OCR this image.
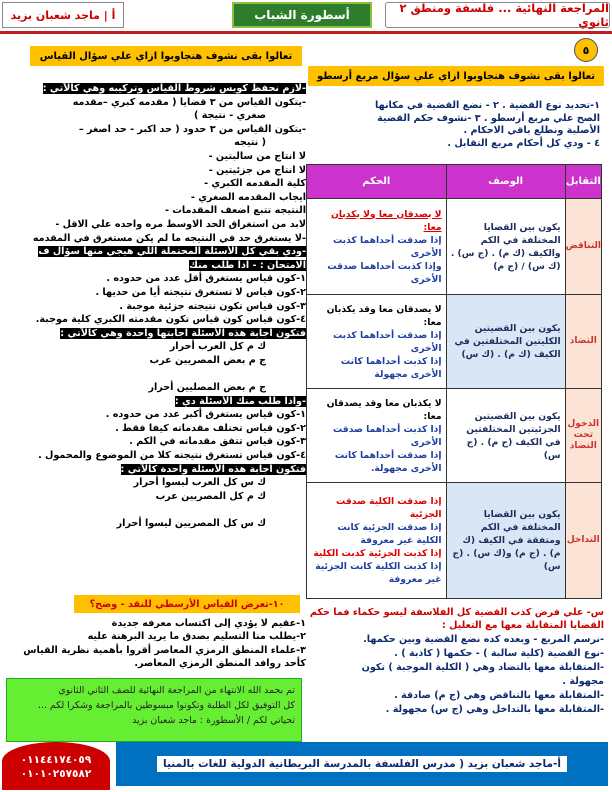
المراجعة النهائية ... فلسفة ومنطق ٢ ثانوي
أسطورة الشباب
أ | ماجد شعبان بزيد
٥
تعالوا بقى نشوف هنجاوبوا ازاي علي سؤال مربع أرسطو
١-تحديد نوع القضية . ٢ - نضع القضية في مكانها
الصح علي مربع أرسطو . ٣ -نشوف حكم القضية
الأصلية ونطلع باقي الاحكام .
٤ - ودي كل أحكام مربع التقابل .
التقابل	الوصف	الحكم
التناقض	يكون بين القضايا المختلفة في الكم والكيف (ك م) . (ج س) . (ك س) / (ج م)	لا يصدقان معا ولا يكذبان معا:
إذا صدقت أحداهما كذبت الأخرى
وإذا كذبت أحداهما صدقت الأخرى

التضاد	يكون بين القضيتين الكليتين المختلفتين في الكيف (ك م) . (ك س)	لا يصدقان معا وقد يكذبان معا:
إذا صدقت أحداهما كذبت الأخرى
إذا كذبت أحداهما كانت الأخرى مجهولة

الدخول تحت التضاد	يكون بين القضيتين الجزئيتين المختلفتين في الكيف (ج م) . (ج س)	لا يكذبان معا وقد يصدقان معا:
إذا كذبت أحداهما صدقت الأخرى
إذا صدقت أحداهما كانت الأخرى مجهولة.

التداخل	يكون بين القضايا المختلفة في الكم ومتفقة في الكيف (ك م) . (ج م) و(ك س) . (ج س)	إذا صدقت الكلية صدقت الجزئية
إذا صدقت الجزئية كانت الكلية غير معروفة
إذا كذبت الجزئية كذبت الكلية
إذا كذبت الكلية كانت الجزئية غير معروفة
س- علي فرض كذب القضية كل الفلاسفة ليسو حكماء فما حكم القضايا المتقابلة معها مع التعليل :
-نرسم المربع - وبعده كده نضع القضية وبين حكمها.
-نوع القضية (كلية سالبة ) - حكمها ( كاذبة ) .
-المتقابلة معها بالتضاد وهي ( الكلية الموجبة ) تكون
مجهولة .
-المتقابلة معها بالتناقض وهي (ج م) صادقة .
-المتقابلة معها بالتداخل وهي (ج س) مجهولة .
تعالوا بقى نشوف هنجاوبوا ازاي علي سؤال القياس
-لازم نحفظ كويس شروط القياس وتركيبه وهي كالآتي :
-يتكون القياس من ٣ قضايا ( مقدمه كبري –مقدمه
صغري - نتيجة )
-يتكون القياس من ٣ حدود ( حد اكبر - حد اصغر –
( نتيجه
لا انتاج من سالبتين -
لا انتاج من جزئيتين -
كلية المقدمه الكبري -
ايجاب المقدمه الصغري -
النتيجه تتبع اضعف المقدمات -
لابد من استغراق الحد الاوسط مره واحده علي الاقل -
-لا يستغرق حد في النتيجه ما لم يكن مستغرق في المقدمه
-ودي بقي كل الأسئلة المحتملة اللي هيجي منها سؤال ف
الامتحان : - اذا طلب منك
١-كون قياس يستغرق أقل عدد من حدوده .
٢-كون قياس لا تستغرق نتيجته أيا من حديها .
٣-كون قياس تكون نتيجته جزئية موجبة .
٤-كون قياس كون قياس تكون مقدمته الكبري كلية موجبة.
فتكون اجابة هذه الأسئلة اجابتها واحدة وهي كالآتي :
ك م كل العرب أحرار
ج م بعض المصريين عرب
ج م بعض المصليين أحرار
-واذا طلب منك الأسئلة دي :
١-كون قياس يستغرق أكبر عدد من حدوده .
٢-كون قياس تختلف مقدماته كيفا فقط .
٣-كون قياس تتفق مقدماته في الكم .
٤-كون قياس تستغرق نتيجته كلا من الموضوع والمحمول .
فتكون اجابة هذه الأسئلة واحدة كالآتي :
ك س كل العرب ليسوا أحرار
ك م كل المصريين عرب
ك س كل المصريين ليسوا أحرار
١٠-تعرض القياس الأرسطي للنقد - وضح؟
١-عقيم لا يؤدي إلى اكتساب معرفه جديدة
٢-يطلب منا التسليم بصدق ما يريد البرهنة عليه
٣-علماء المنطق الرمزي المعاصر أقروا بأهمية نظرية القياس
كأحد روافد المنطق الرمزي المعاصر.
تم بحمد الله الانتهاء من المراجعة النهائية للصف الثاني الثانوي
كل التوفيق لكل الطلبة وتكونوا مبسوطين بالمراجعة وشكرا لكم ...
تحياتي لكم / الأسطورة : ماجد شعبان بزيد
٠١١٤٤١٧٤٠٥٩
٠١٠١٠٢٥٧٥٨٢
أ-ماجد شعبان بزيد ( مدرس الفلسفة بالمدرسة البريطانية الدولية للغات بالمنيا
